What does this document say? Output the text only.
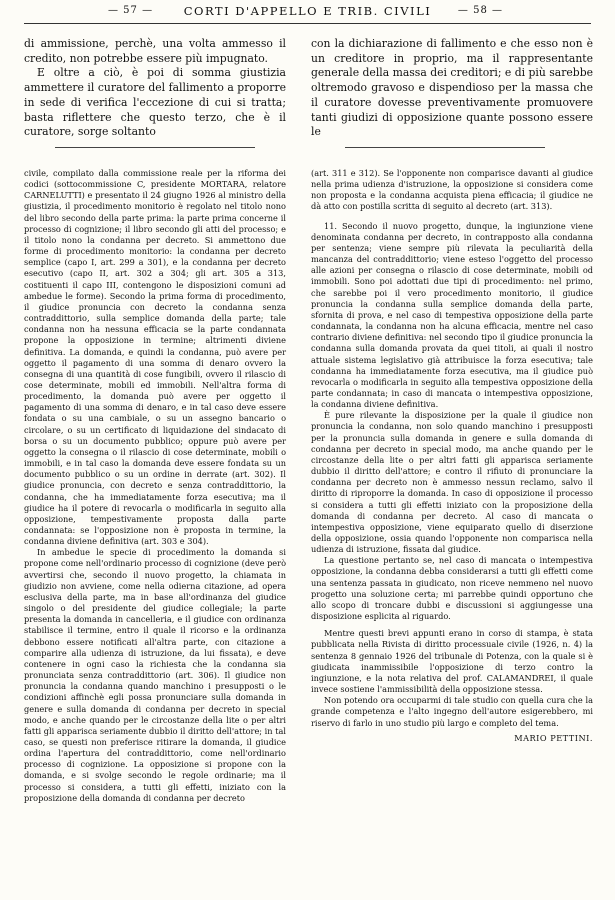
— 57 —	CORTI D'APPELLO E TRIB. CIVILI	— 58 —

di ammissione, perchè, una volta ammesso il credito, non potrebbe essere più impugnato.

E oltre a ciò, è poi di somma giustizia ammettere il curatore del fallimento a proporre in sede di verifica l'eccezione di cui si tratta; basta riflettere che questo terzo, che è il curatore, sorge soltanto

con la dichiarazione di fallimento e che esso non è un creditore in proprio, ma il rappresentante generale della massa dei creditori; e di più sarebbe oltremodo gravoso e dispendioso per la massa che il curatore dovesse preventivamente promuovere tanti giudizi di opposizione quante possono essere le

civile, compilato dalla commissione reale per la riforma dei codici (sottocommissione C, presidente MORTARA, relatore CARNELUTTI) e presentato il 24 giugno 1926 al ministro della giustizia, il procedimento monitorio è regolato nel titolo nono del libro secondo della parte prima: la parte prima concerne il processo di cognizione; il libro secondo gli atti del processo; e il titolo nono la condanna per decreto. Si ammettono due forme di procedimento monitorio: la condanna per decreto semplice (capo I, art. 299 a 301), e la condanna per decreto esecutivo (capo II, art. 302 a 304; gli art. 305 a 313, costituenti il capo III, contengono le disposizioni comuni ad ambedue le forme). Secondo la prima forma di procedimento, il giudice pronuncia con decreto la condanna senza contraddittorio, sulla semplice domanda della parte; tale condanna non ha nessuna efficacia se la parte condannata propone la opposizione in termine; altrimenti diviene definitiva. La domanda, e quindi la condanna, può avere per oggetto il pagamento di una somma di denaro ovvero la consegna di una quantità di cose fungibili, ovvero il rilascio di cose determinate, mobili ed immobili. Nell'altra forma di procedimento, la domanda può avere per oggetto il pagamento di una somma di denaro, e in tal caso deve essere fondata o su una cambiale, o su un assegno bancario o circolare, o su un certificato di liquidazione del sindacato di borsa o su un documento pubblico; oppure può avere per oggetto la consegna o il rilascio di cose determinate, mobili o immobili, e in tal caso la domanda deve essere fondata su un documento pubblico o su un ordine in derrate (art. 302). Il giudice pronuncia, con decreto e senza contraddittorio, la condanna, che ha immediatamente forza esecutiva; ma il giudice ha il potere di revocarla o modificarla in seguito alla opposizione, tempestivamente proposta dalla parte condannata: se l'opposizione non è proposta in termine, la condanna diviene definitiva (art. 303 e 304).

In ambedue le specie di procedimento la domanda si propone come nell'ordinario processo di cognizione (deve però avvertirsi che, secondo il nuovo progetto, la chiamata in giudizio non avviene, come nella odierna citazione, ad opera esclusiva della parte, ma in base all'ordinanza del giudice singolo o del presidente del giudice collegiale; la parte presenta la domanda in cancelleria, e il giudice con ordinanza stabilisce il termine, entro il quale il ricorso e la ordinanza debbono essere notificati all'altra parte, con citazione a comparire alla udienza di istruzione, da lui fissata), e deve contenere in ogni caso la richiesta che la condanna sia pronunciata senza contraddittorio (art. 306). Il giudice non pronuncia la condanna quando manchino i presupposti o le condizioni affinchè egli possa pronunciare sulla domanda in genere e sulla domanda di condanna per decreto in special modo, e anche quando per le circostanze della lite o per altri fatti gli apparisca seriamente dubbio il diritto dell'attore; in tal caso, se questi non preferisce ritirare la domanda, il giudice ordina l'apertura del contraddittorio, come nell'ordinario processo di cognizione. La opposizione si propone con la domanda, e si svolge secondo le regole ordinarie; ma il processo si considera, a tutti gli effetti, iniziato con la proposizione della domanda di condanna per decreto

(art. 311 e 312). Se l'opponente non comparisce davanti al giudice nella prima udienza d'istruzione, la opposizione si considera come non proposta e la condanna acquista piena efficacia; il giudice ne dà atto con postilla scritta di seguito al decreto (art. 313).

11. Secondo il nuovo progetto, dunque, la ingiunzione viene denominata condanna per decreto, in contrapposto alla condanna per sentenza; viene sempre più rilevata la peculiarità della mancanza del contraddittorio; viene esteso l'oggetto del processo alle azioni per consegna o rilascio di cose determinate, mobili od immobili. Sono poi adottati due tipi di procedimento: nel primo, che sarebbe poi il vero procedimento monitorio, il giudice pronuncia la condanna sulla semplice domanda della parte, sfornita di prova, e nel caso di tempestiva opposizione della parte condannata, la condanna non ha alcuna efficacia, mentre nel caso contrario diviene definitiva: nel secondo tipo il giudice pronuncia la condanna sulla domanda provata da quei titoli, ai quali il nostro attuale sistema legislativo già attribuisce la forza esecutiva; tale condanna ha immediatamente forza esecutiva, ma il giudice può revocarla o modificarla in seguito alla tempestiva opposizione della parte condannata; in caso di mancata o intempestiva opposizione, la condanna diviene definitiva.

È pure rilevante la disposizione per la quale il giudice non pronuncia la condanna, non solo quando manchino i presupposti per la pronuncia sulla domanda in genere e sulla domanda di condanna per decreto in special modo, ma anche quando per le circostanze della lite o per altri fatti gli apparisca seriamente dubbio il diritto dell'attore; e contro il rifiuto di pronunciare la condanna per decreto non è ammesso nessun reclamo, salvo il diritto di riproporre la domanda. In caso di opposizione il processo si considera a tutti gli effetti iniziato con la proposizione della domanda di condanna per decreto. Al caso di mancata o intempestiva opposizione, viene equiparato quello di diserzione della opposizione, ossia quando l'opponente non comparisca nella udienza di istruzione, fissata dal giudice.

La questione pertanto se, nel caso di mancata o intempestiva opposizione, la condanna debba considerarsi a tutti gli effetti come una sentenza passata in giudicato, non riceve nemmeno nel nuovo progetto una soluzione certa; mi parrebbe quindi opportuno che allo scopo di troncare dubbi e discussioni si aggiungesse una disposizione esplicita al riguardo.

Mentre questi brevi appunti erano in corso di stampa, è stata pubblicata nella Rivista di diritto processuale civile (1926, n. 4) la sentenza 8 gennaio 1926 del tribunale di Potenza, con la quale si è giudicata inammissibile l'opposizione di terzo contro la ingiunzione, e la nota relativa del prof. CALAMANDREI, il quale invece sostiene l'ammissibilità della opposizione stessa.

Non potendo ora occuparmi di tale studio con quella cura che la grande competenza e l'alto ingegno dell'autore esigerebbero, mi riservo di farlo in uno studio più largo e completo del tema.

MARIO PETTINI.
